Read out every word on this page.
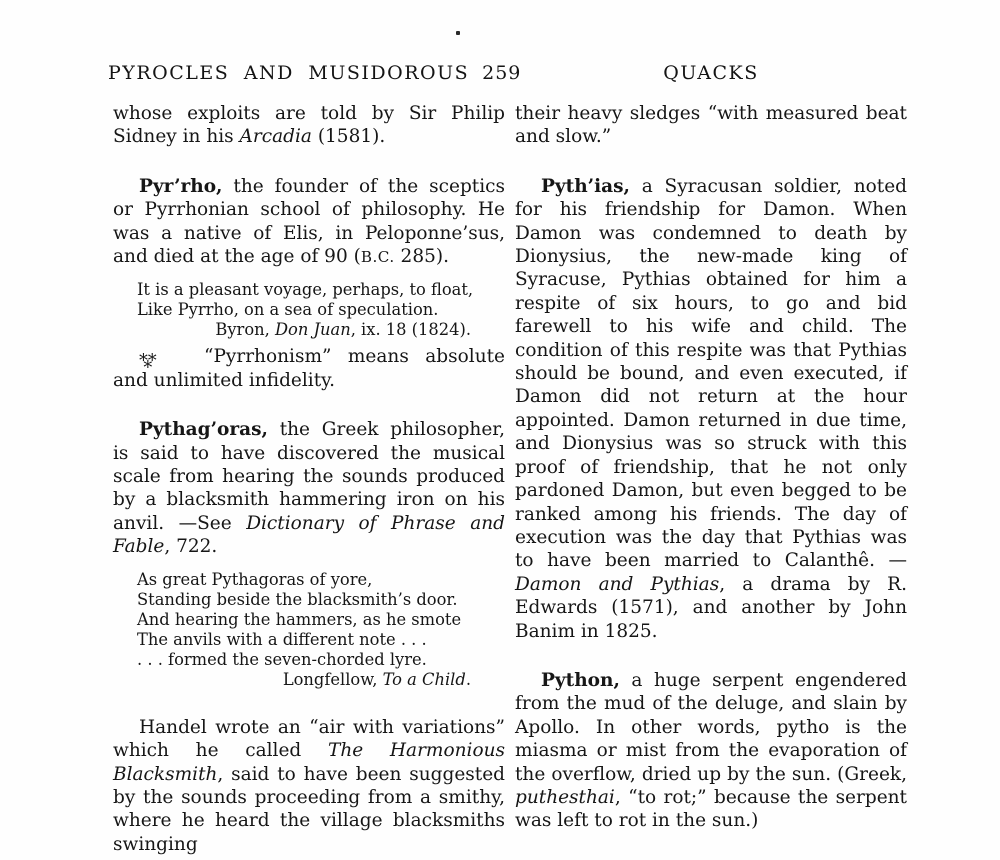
PYROCLES AND MUSIDOROUS 259	QUACKS
whose exploits are told by Sir Philip Sidney in his Arcadia (1581).
Pyr’rho, the founder of the sceptics or Pyrrhonian school of philosophy. He was a native of Elis, in Peloponne’sus, and died at the age of 90 (B.C. 285).
It is a pleasant voyage, perhaps, to float,
Like Pyrrho, on a sea of speculation.
Byron, Don Juan, ix. 18 (1824).
⁂ “Pyrrhonism” means absolute and unlimited infidelity.
Pythag’oras, the Greek philosopher, is said to have discovered the musical scale from hearing the sounds produced by a blacksmith hammering iron on his anvil. —See Dictionary of Phrase and Fable, 722.
As great Pythagoras of yore,
Standing beside the blacksmith’s door.
And hearing the hammers, as he smote
The anvils with a different note . . .
. . . formed the seven-chorded lyre.
Longfellow, To a Child.
Handel wrote an “air with variations” which he called The Harmonious Blacksmith, said to have been suggested by the sounds proceeding from a smithy, where he heard the village blacksmiths swinging
their heavy sledges “with measured beat and slow.”
Pyth’ias, a Syracusan soldier, noted for his friendship for Damon. When Damon was condemned to death by Dionysius, the new-made king of Syracuse, Pythias obtained for him a respite of six hours, to go and bid farewell to his wife and child. The condition of this respite was that Pythias should be bound, and even executed, if Damon did not return at the hour appointed. Damon returned in due time, and Dionysius was so struck with this proof of friendship, that he not only pardoned Damon, but even begged to be ranked among his friends. The day of execution was the day that Pythias was to have been married to Calanthê. —Damon and Pythias, a drama by R. Edwards (1571), and another by John Banim in 1825.
Python, a huge serpent engendered from the mud of the deluge, and slain by Apollo. In other words, pytho is the miasma or mist from the evaporation of the overflow, dried up by the sun. (Greek, puthesthai, “to rot;” because the serpent was left to rot in the sun.)
